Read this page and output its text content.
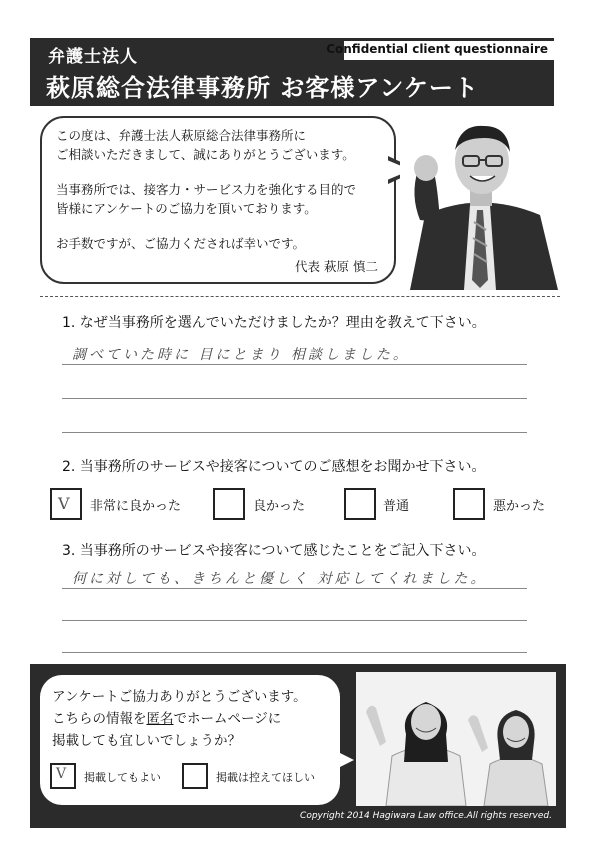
弁護士法人
萩原総合法律事務所 お客様アンケート
Confidential client questionnaire

この度は、弁護士法人萩原総合法律事務所に

ご相談いただきまして、誠にありがとうございます。

当事務所では、接客力・サービス力を強化する目的で

皆様にアンケートのご協力を頂いております。

お手数ですが、ご協力くだされば幸いです。

代表 萩原 慎二
1. なぜ当事務所を選んでいただけましたか？理由を教えて下さい。
調べていた時に 目にとまり 相談しました。
2. 当事務所のサービスや接客についてのご感想をお聞かせ下さい。
V 非常に良かった	良かった	普通	悪かった
3. 当事務所のサービスや接客について感じたことをご記入下さい。
何に対しても、きちんと優しく 対応してくれました。
アンケートご協力ありがとうございます。
こちらの情報を匿名でホームページに
掲載しても宜しいでしょうか？
V 掲載してもよい	掲載は控えてほしい
Copyright 2014 Hagiwara Law office.All rights reserved.
